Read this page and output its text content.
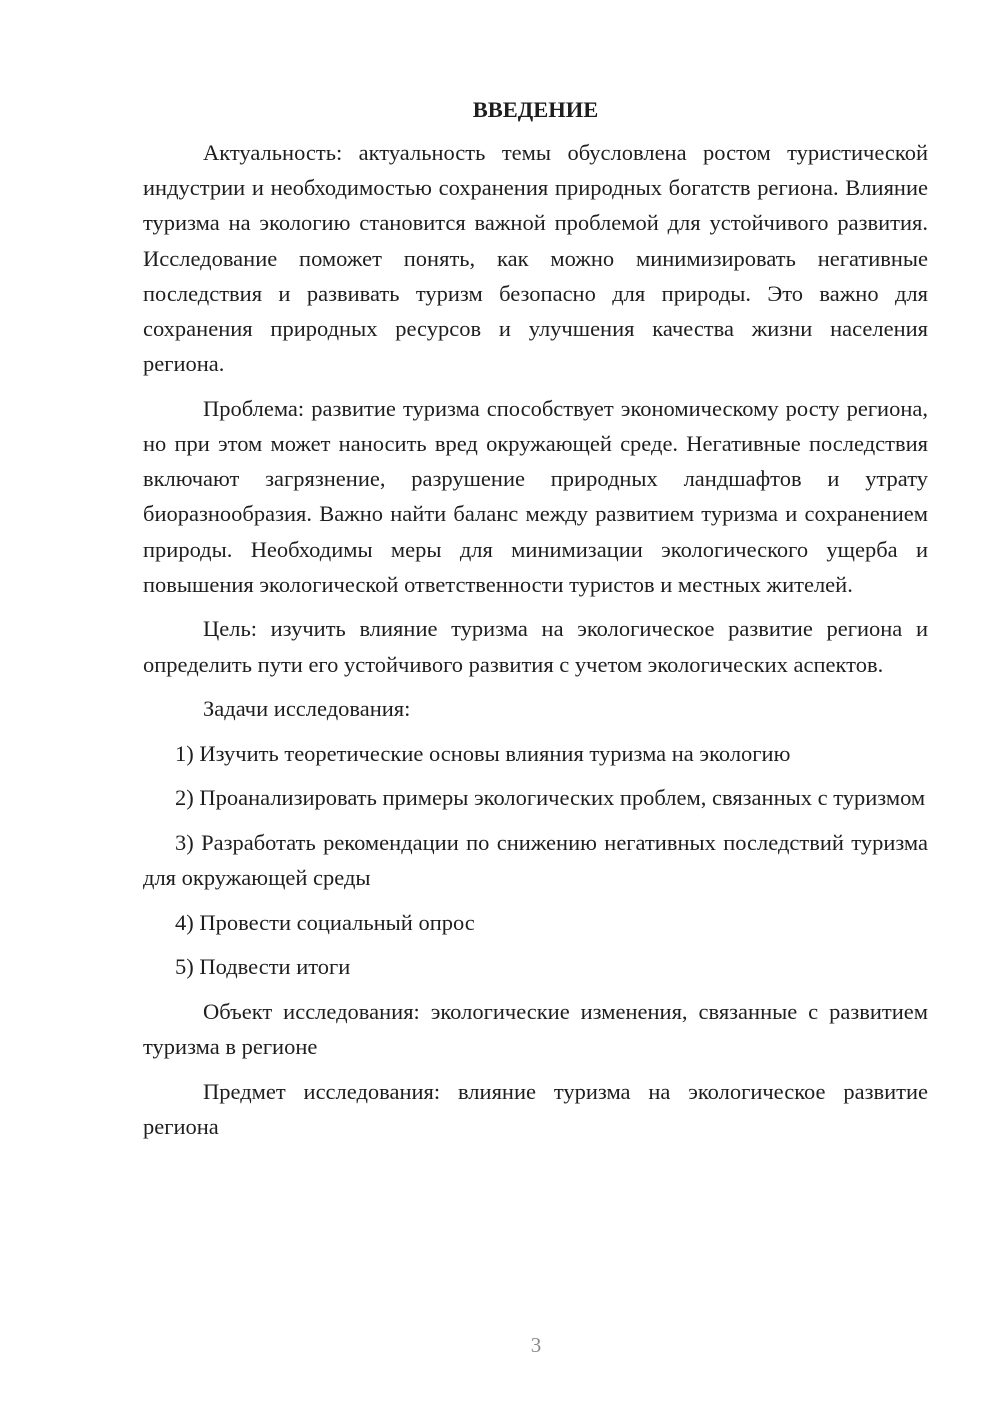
ВВЕДЕНИЕ

Актуальность: актуальность темы обусловлена ростом туристической индустрии и необходимостью сохранения природных богатств региона. Влияние туризма на экологию становится важной проблемой для устойчивого развития. Исследование поможет понять, как можно минимизировать негативные последствия и развивать туризм безопасно для природы. Это важно для сохранения природных ресурсов и улучшения качества жизни населения региона.

Проблема: развитие туризма способствует экономическому росту региона, но при этом может наносить вред окружающей среде. Негативные последствия включают загрязнение, разрушение природных ландшафтов и утрату биоразнообразия. Важно найти баланс между развитием туризма и сохранением природы. Необходимы меры для минимизации экологического ущерба и повышения экологической ответственности туристов и местных жителей.

Цель: изучить влияние туризма на экологическое развитие региона и определить пути его устойчивого развития с учетом экологических аспектов.

Задачи исследования:

1) Изучить теоретические основы влияния туризма на экологию

2) Проанализировать примеры экологических проблем, связанных с туризмом

3) Разработать рекомендации по снижению негативных последствий туризма для окружающей среды

4) Провести социальный опрос

5) Подвести итоги

Объект исследования: экологические изменения, связанные с развитием туризма в регионе

Предмет исследования: влияние туризма на экологическое развитие региона

3
